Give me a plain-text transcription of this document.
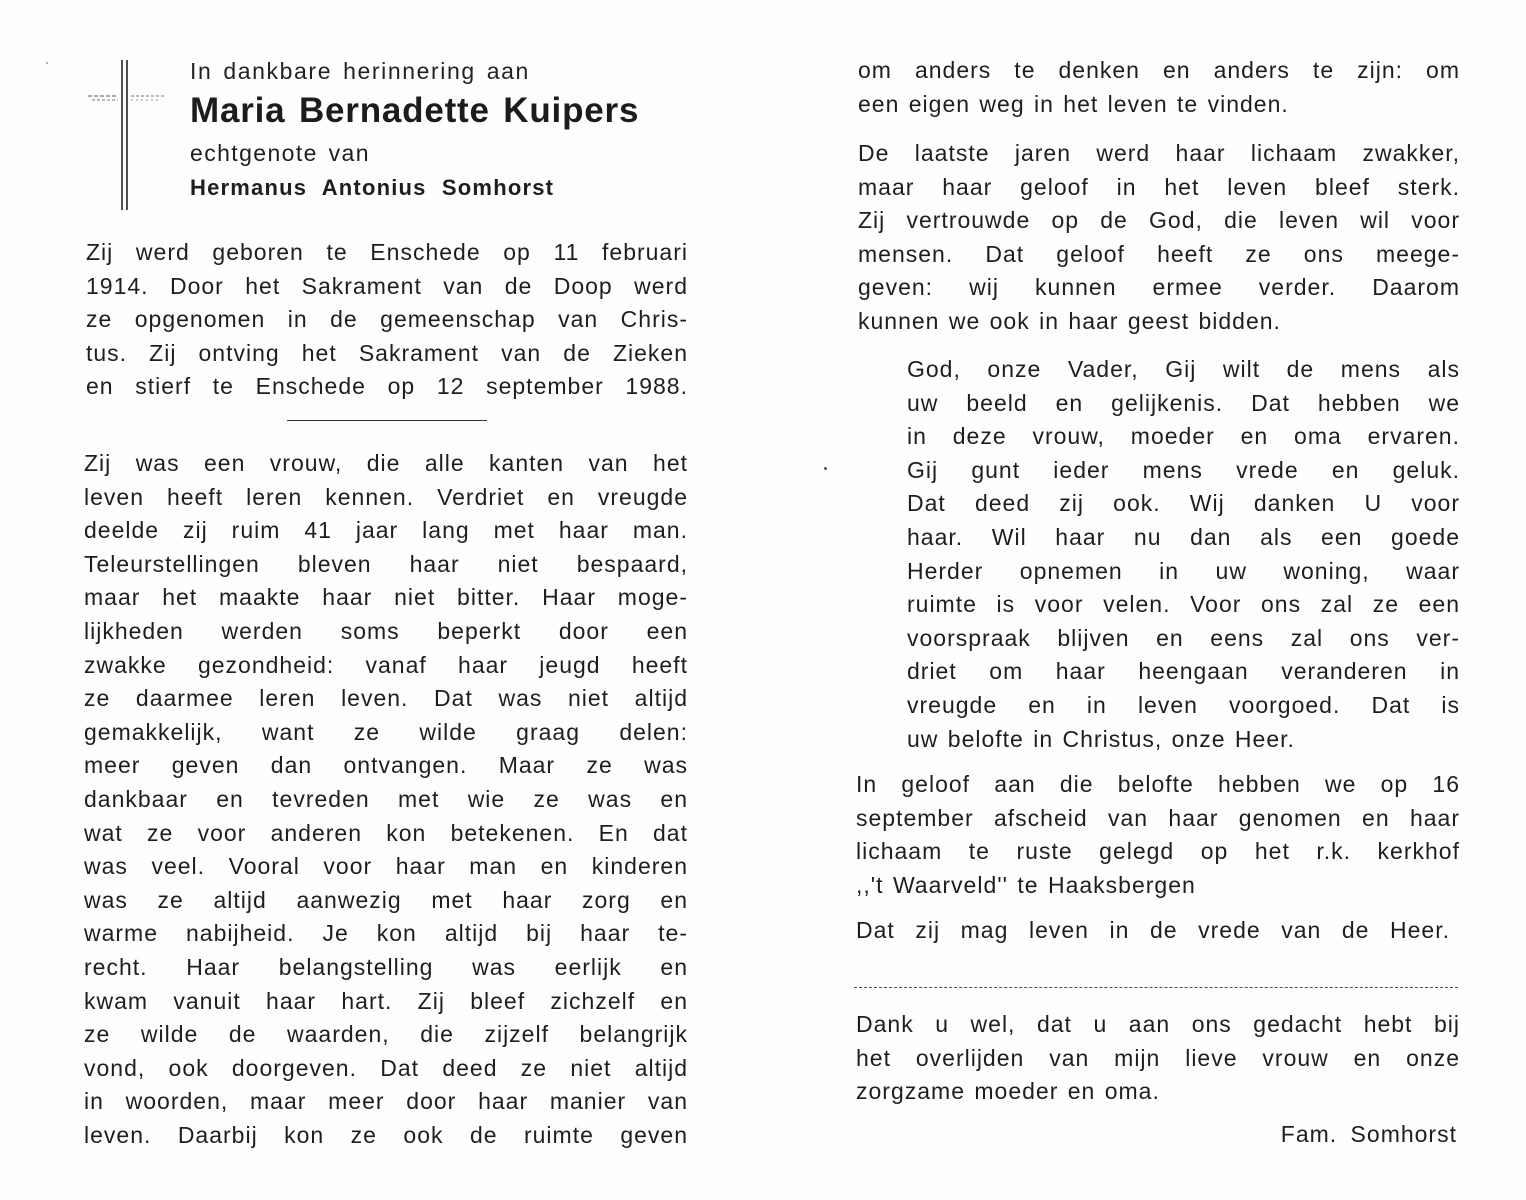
In dankbare herinnering aan
Maria Bernadette Kuipers
echtgenote van
Hermanus Antonius Somhorst
Zij werd geboren te Enschede op 11 februari
1914. Door het Sakrament van de Doop werd
ze opgenomen in de gemeenschap van Chris-
tus. Zij ontving het Sakrament van de Zieken
en stierf te Enschede op 12 september 1988.
Zij was een vrouw, die alle kanten van het
leven heeft leren kennen. Verdriet en vreugde
deelde zij ruim 41 jaar lang met haar man.
Teleurstellingen bleven haar niet bespaard,
maar het maakte haar niet bitter. Haar moge-
lijkheden werden soms beperkt door een
zwakke gezondheid: vanaf haar jeugd heeft
ze daarmee leren leven. Dat was niet altijd
gemakkelijk, want ze wilde graag delen:
meer geven dan ontvangen. Maar ze was
dankbaar en tevreden met wie ze was en
wat ze voor anderen kon betekenen. En dat
was veel. Vooral voor haar man en kinderen
was ze altijd aanwezig met haar zorg en
warme nabijheid. Je kon altijd bij haar te-
recht. Haar belangstelling was eerlijk en
kwam vanuit haar hart. Zij bleef zichzelf en
ze wilde de waarden, die zijzelf belangrijk
vond, ook doorgeven. Dat deed ze niet altijd
in woorden, maar meer door haar manier van
leven. Daarbij kon ze ook de ruimte geven
om anders te denken en anders te zijn: om
een eigen weg in het leven te vinden.
De laatste jaren werd haar lichaam zwakker,
maar haar geloof in het leven bleef sterk.
Zij vertrouwde op de God, die leven wil voor
mensen. Dat geloof heeft ze ons meege-
geven: wij kunnen ermee verder. Daarom
kunnen we ook in haar geest bidden.
God, onze Vader, Gij wilt de mens als
uw beeld en gelijkenis. Dat hebben we
in deze vrouw, moeder en oma ervaren.
Gij gunt ieder mens vrede en geluk.
Dat deed zij ook. Wij danken U voor
haar. Wil haar nu dan als een goede
Herder opnemen in uw woning, waar
ruimte is voor velen. Voor ons zal ze een
voorspraak blijven en eens zal ons ver-
driet om haar heengaan veranderen in
vreugde en in leven voorgoed. Dat is
uw belofte in Christus, onze Heer.
In geloof aan die belofte hebben we op 16
september afscheid van haar genomen en haar
lichaam te ruste gelegd op het r.k. kerkhof
,,'t Waarveld'' te Haaksbergen
Dat zij mag leven in de vrede van de Heer.
Dank u wel, dat u aan ons gedacht hebt bij
het overlijden van mijn lieve vrouw en onze
zorgzame moeder en oma.
Fam. Somhorst
